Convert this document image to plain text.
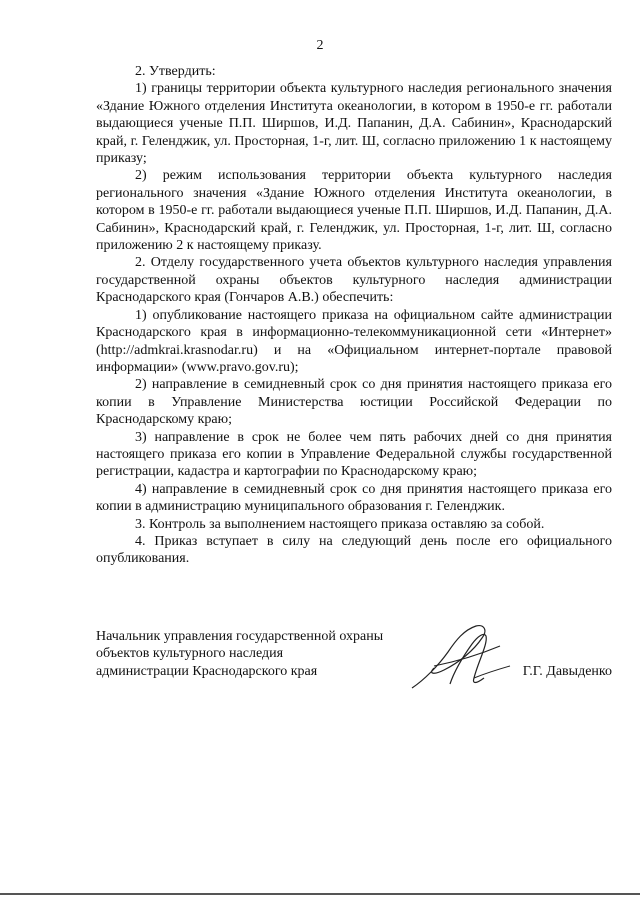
2

2. Утвердить:

1) границы территории объекта культурного наследия регионального значения «Здание Южного отделения Института океанологии, в котором в 1950-е гг. работали выдающиеся ученые П.П. Ширшов, И.Д. Папанин, Д.А. Сабинин», Краснодарский край, г. Геленджик, ул. Просторная, 1-г, лит. Ш, согласно приложению 1 к настоящему приказу;

2) режим использования территории объекта культурного наследия регионального значения «Здание Южного отделения Института океанологии, в котором в 1950-е гг. работали выдающиеся ученые П.П. Ширшов, И.Д. Папанин, Д.А. Сабинин», Краснодарский край, г. Геленджик, ул. Просторная, 1-г, лит. Ш, согласно приложению 2 к настоящему приказу.

2. Отделу государственного учета объектов культурного наследия управления государственной охраны объектов культурного наследия администрации Краснодарского края (Гончаров А.В.) обеспечить:

1) опубликование настоящего приказа на официальном сайте администрации Краснодарского края в информационно-телекоммуникационной сети «Интернет» (http://admkrai.krasnodar.ru) и на «Официальном интернет-портале правовой информации» (www.pravo.gov.ru);

2) направление в семидневный срок со дня принятия настоящего приказа его копии в Управление Министерства юстиции Российской Федерации по Краснодарскому краю;

3) направление в срок не более чем пять рабочих дней со дня принятия настоящего приказа его копии в Управление Федеральной службы государственной регистрации, кадастра и картографии по Краснодарскому краю;

4) направление в семидневный срок со дня принятия настоящего приказа его копии в администрацию муниципального образования г. Геленджик.

3. Контроль за выполнением настоящего приказа оставляю за собой.

4. Приказ вступает в силу на следующий день после его официального опубликования.

Начальник управления государственной охраны
объектов культурного наследия
администрации Краснодарского края	Г.Г. Давыденко
